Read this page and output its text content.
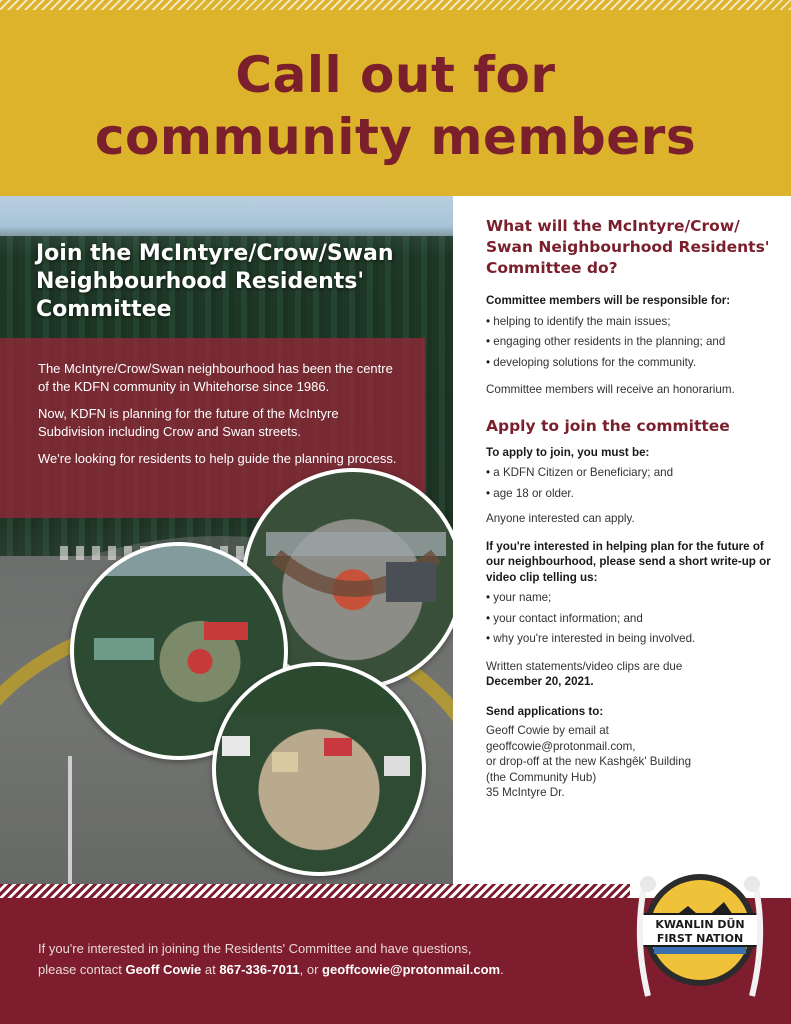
Call out for
community members
Join the McIntyre/Crow/Swan Neighbourhood Residents' Committee

The McIntyre/Crow/Swan neighbourhood has been the centre of the KDFN community in Whitehorse since 1986.

Now, KDFN is planning for the future of the McIntyre Subdivision including Crow and Swan streets.

We're looking for residents to help guide the planning process.

What will the McIntyre/Crow/ Swan Neighbourhood Residents' Committee do?
Committee members will be responsible for:
• helping to identify the main issues;
• engaging other residents in the planning; and
• developing solutions for the community.
Committee members will receive an honorarium.
Apply to join the committee
To apply to join, you must be:
• a KDFN Citizen or Beneficiary; and
• age 18 or older.
Anyone interested can apply.
If you're interested in helping plan for the future of our neighbourhood, please send a short write-up or video clip telling us:
• your name;
• your contact information; and
• why you're interested in being involved.
Written statements/video clips are due
December 20, 2021.
Send applications to:
Geoff Cowie by email at
geoffcowie@protonmail.com,
or drop-off at the new Kashgêk' Building
(the Community Hub)
35 McIntyre Dr.
If you're interested in joining the Residents' Committee and have questions,
please contact Geoff Cowie at 867-336-7011, or geoffcowie@protonmail.com.
KWANLIN DÜN
FIRST NATION
